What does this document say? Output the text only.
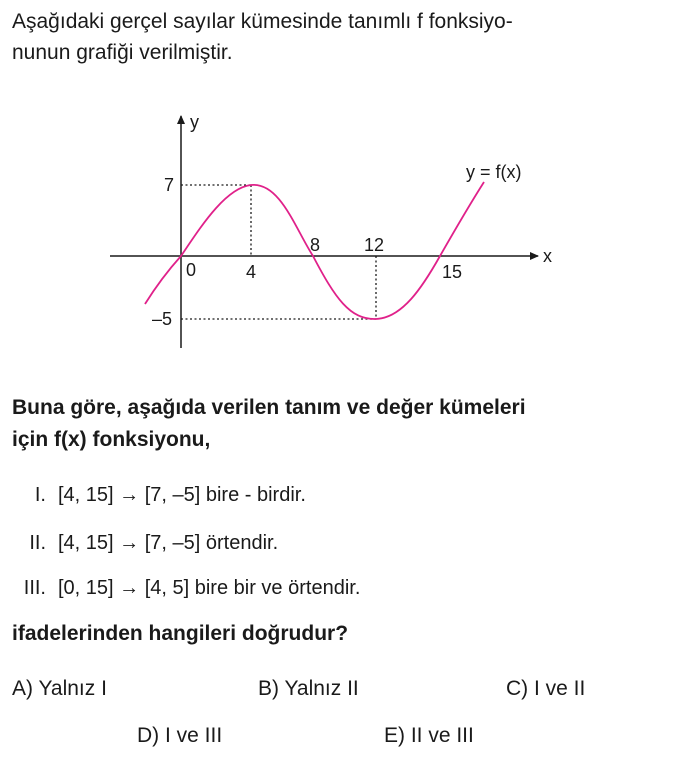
Aşağıdaki gerçel sayılar kümesinde tanımlı f fonksiyo-
nunun grafiği verilmiştir.
y
x
y = f(x)
0	4
8 12
15
7
–5
Buna göre, aşağıda verilen tanım ve değer kümeleri
için f(x) fonksiyonu,
I. [4, 15] → [7, –5] bire - birdir.
II. [4, 15] → [7, –5] örtendir.
III. [0, 15] → [4, 5] bire bir ve örtendir.
ifadelerinden hangileri doğrudur?
A) Yalnız I	B) Yalnız II	C) I ve II
D) I ve III	E) II ve III
